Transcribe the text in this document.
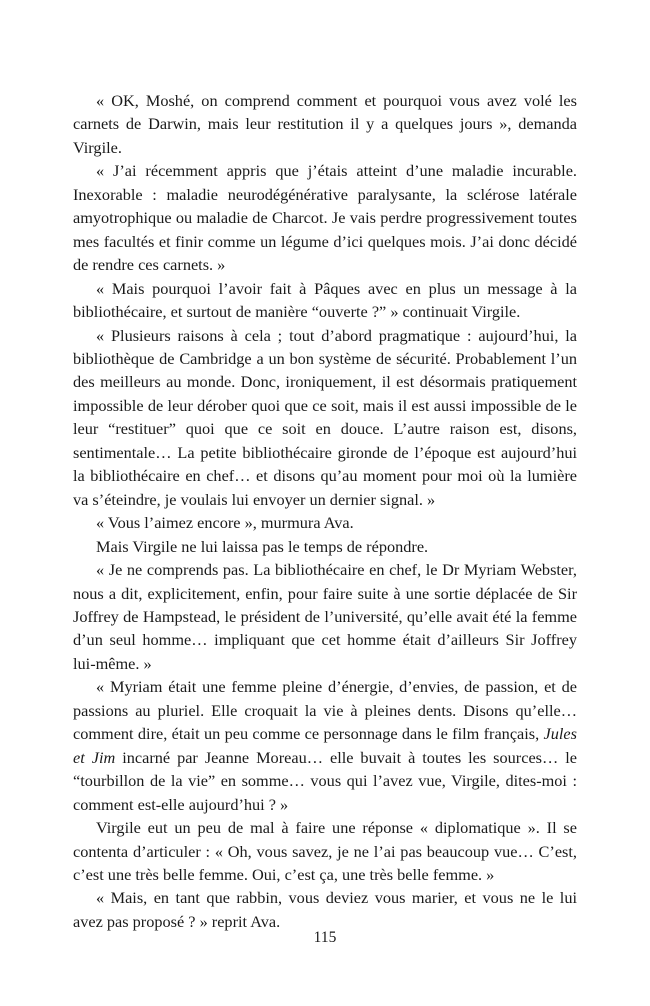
« OK, Moshé, on comprend comment et pourquoi vous avez volé les carnets de Darwin, mais leur restitution il y a quelques jours », demanda Virgile.

« J’ai récemment appris que j’étais atteint d’une maladie incurable. Inexorable : maladie neurodégénérative paralysante, la sclérose latérale amyotrophique ou maladie de Charcot. Je vais perdre progressivement toutes mes facultés et finir comme un légume d’ici quelques mois. J’ai donc décidé de rendre ces carnets. »

« Mais pourquoi l’avoir fait à Pâques avec en plus un message à la bibliothécaire, et surtout de manière “ouverte ?” » continuait Virgile.

« Plusieurs raisons à cela ; tout d’abord pragmatique : aujourd’hui, la bibliothèque de Cambridge a un bon système de sécurité. Probablement l’un des meilleurs au monde. Donc, ironiquement, il est désormais pratiquement impossible de leur dérober quoi que ce soit, mais il est aussi impossible de le leur “restituer” quoi que ce soit en douce. L’autre raison est, disons, sentimentale… La petite bibliothécaire gironde de l’époque est aujourd’hui la bibliothécaire en chef… et disons qu’au moment pour moi où la lumière va s’éteindre, je voulais lui envoyer un dernier signal. »

« Vous l’aimez encore », murmura Ava.

Mais Virgile ne lui laissa pas le temps de répondre.

« Je ne comprends pas. La bibliothécaire en chef, le Dr Myriam Webster, nous a dit, explicitement, enfin, pour faire suite à une sortie déplacée de Sir Joffrey de Hampstead, le président de l’université, qu’elle avait été la femme d’un seul homme… impliquant que cet homme était d’ailleurs Sir Joffrey lui-même. »

« Myriam était une femme pleine d’énergie, d’envies, de passion, et de passions au pluriel. Elle croquait la vie à pleines dents. Disons qu’elle… comment dire, était un peu comme ce personnage dans le film français, Jules et Jim incarné par Jeanne Moreau… elle buvait à toutes les sources… le “tourbillon de la vie” en somme… vous qui l’avez vue, Virgile, dites-moi : comment est-elle aujourd’hui ? »

Virgile eut un peu de mal à faire une réponse « diplomatique ». Il se contenta d’articuler : « Oh, vous savez, je ne l’ai pas beaucoup vue… C’est, c’est une très belle femme. Oui, c’est ça, une très belle femme. »

« Mais, en tant que rabbin, vous deviez vous marier, et vous ne le lui avez pas proposé ? » reprit Ava.

115
